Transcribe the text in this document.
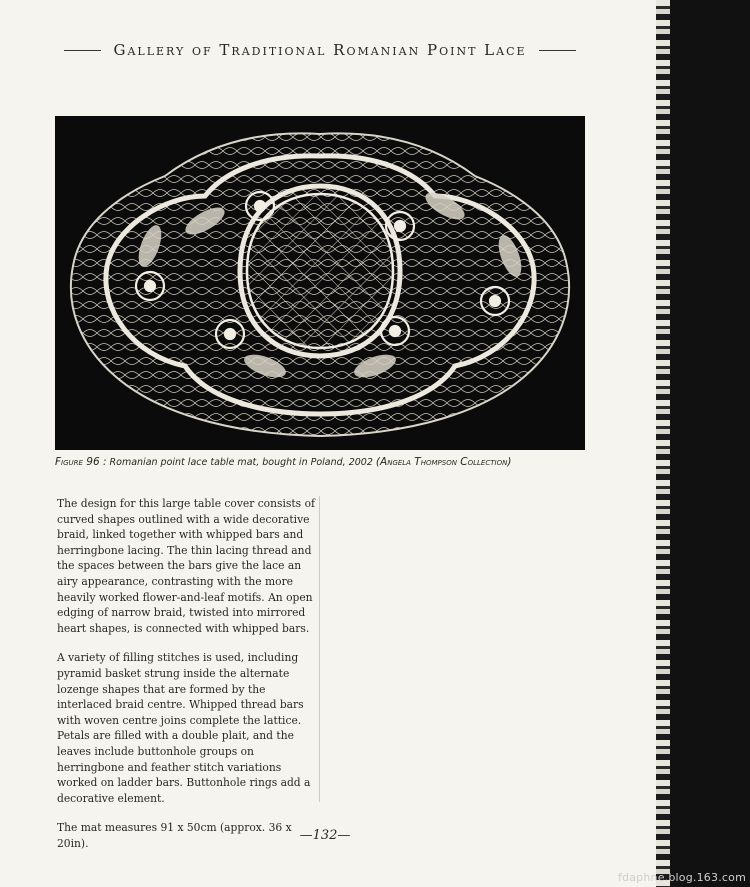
Gallery of Traditional Romanian Point Lace
Figure 96 : Romanian point lace table mat, bought in Poland, 2002 (Angela Thompson Collection)

The design for this large table cover consists of curved shapes outlined with a wide decorative braid, linked together with whipped bars and herringbone lacing. The thin lacing thread and the spaces between the bars give the lace an airy appearance, contrasting with the more heavily worked flower-and-leaf motifs. An open edging of narrow braid, twisted into mirrored heart shapes, is connected with whipped bars.

A variety of filling stitches is used, including pyramid basket strung inside the alternate lozenge shapes that are formed by the interlaced braid centre. Whipped thread bars with woven centre joins complete the lattice. Petals are filled with a double plait, and the leaves include buttonhole groups on herringbone and feather stitch variations worked on ladder bars. Buttonhole rings add a decorative element.

The mat measures 91 x 50cm (approx. 36 x 20in).

—132—
fdaphne.blog.163.com
